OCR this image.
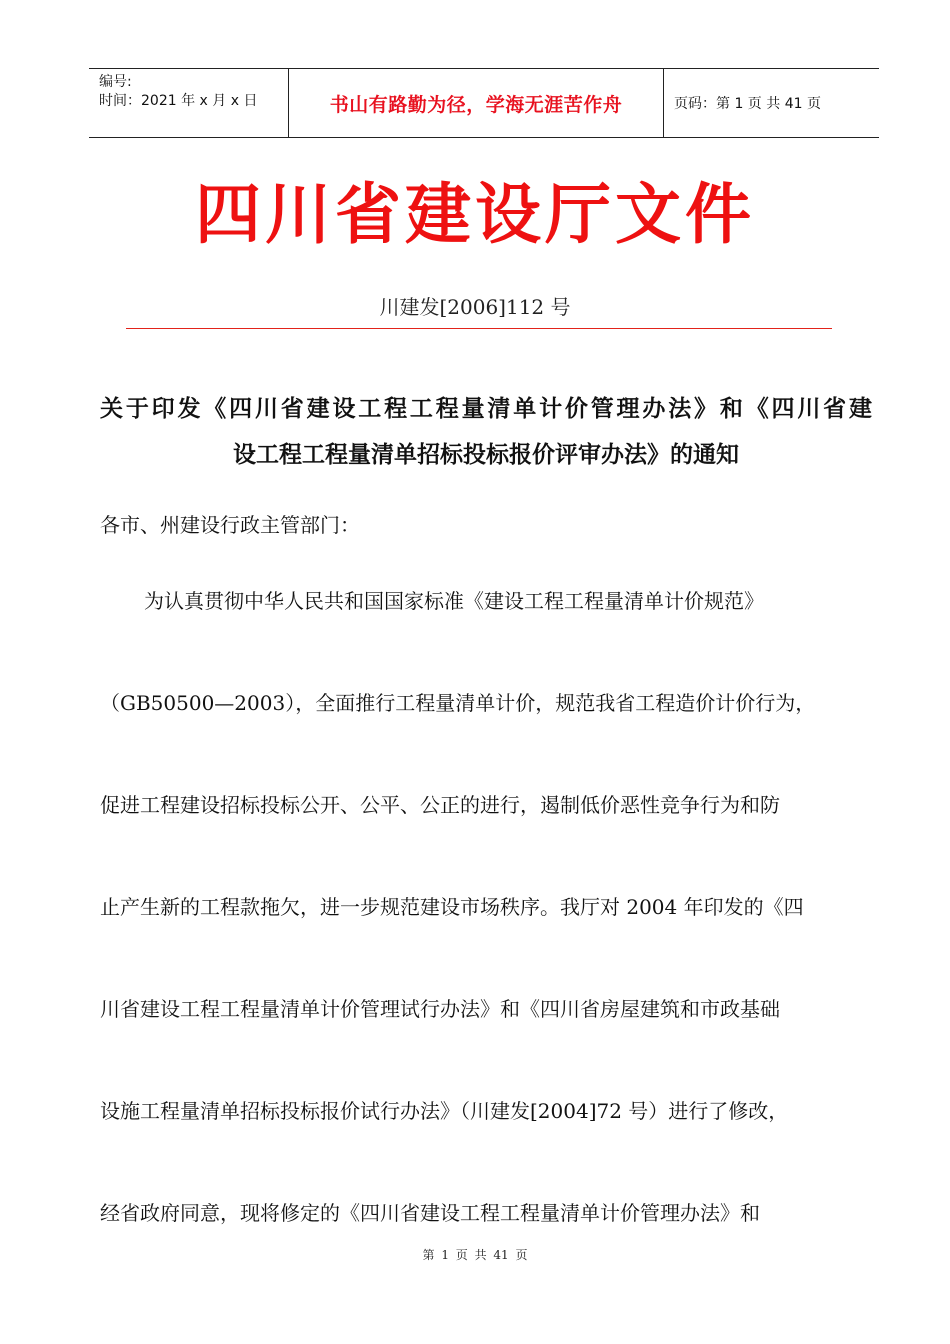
编号:
时间：2021 年 x 月 x 日	书山有路勤为径，学海无涯苦作舟	页码：第 1 页 共 41 页
四川省建设厅文件
川建发[2006]112 号
关于印发《四川省建设工程工程量清单计价管理办法》和《四川省建
设工程工程量清单招标投标报价评审办法》的通知
各市、州建设行政主管部门：
为认真贯彻中华人民共和国国家标准《建设工程工程量清单计价规范》
（GB50500—2003），全面推行工程量清单计价，规范我省工程造价计价行为，
促进工程建设招标投标公开、公平、公正的进行，遏制低价恶性竞争行为和防
止产生新的工程款拖欠，进一步规范建设市场秩序。我厅对 2004 年印发的《四
川省建设工程工程量清单计价管理试行办法》和《四川省房屋建筑和市政基础
设施工程量清单招标投标报价试行办法》（川建发[2004]72 号）进行了修改，
经省政府同意，现将修定的《四川省建设工程工程量清单计价管理办法》和
第 1 页 共 41 页
